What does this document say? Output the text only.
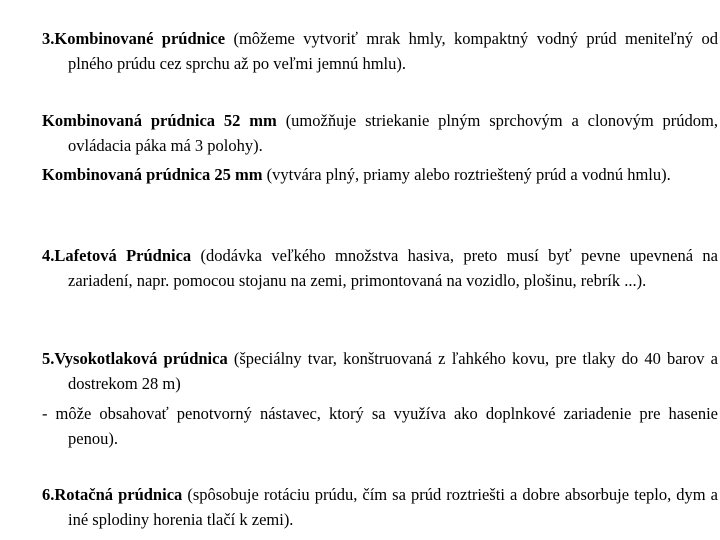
3.Kombinované prúdnice (môžeme vytvoriť mrak hmly, kompaktný vodný prúd meniteľný od plného prúdu cez sprchu až po veľmi jemnú hmlu).

Kombinovaná prúdnica 52 mm (umožňuje striekanie plným sprchovým a clonovým prúdom, ovládacia páka má 3 polohy).

Kombinovaná prúdnica 25 mm (vytvára plný, priamy alebo roztrieštený prúd a vodnú hmlu).

4.Lafetová Prúdnica (dodávka veľkého množstva hasiva, preto musí byť pevne upevnená na zariadení, napr. pomocou stojanu na zemi, primontovaná na vozidlo, plošinu, rebrík ...).

5.Vysokotlaková prúdnica (špeciálny tvar, konštruovaná z ľahkého kovu, pre tlaky do 40 barov a dostrekom 28 m)

- môže obsahovať penotvorný nástavec, ktorý sa využíva ako doplnkové zariadenie pre hasenie penou).

6.Rotačná prúdnica (spôsobuje rotáciu prúdu, čím sa prúd roztriešti a dobre absorbuje teplo, dym a iné splodiny horenia tlačí k zemi).
